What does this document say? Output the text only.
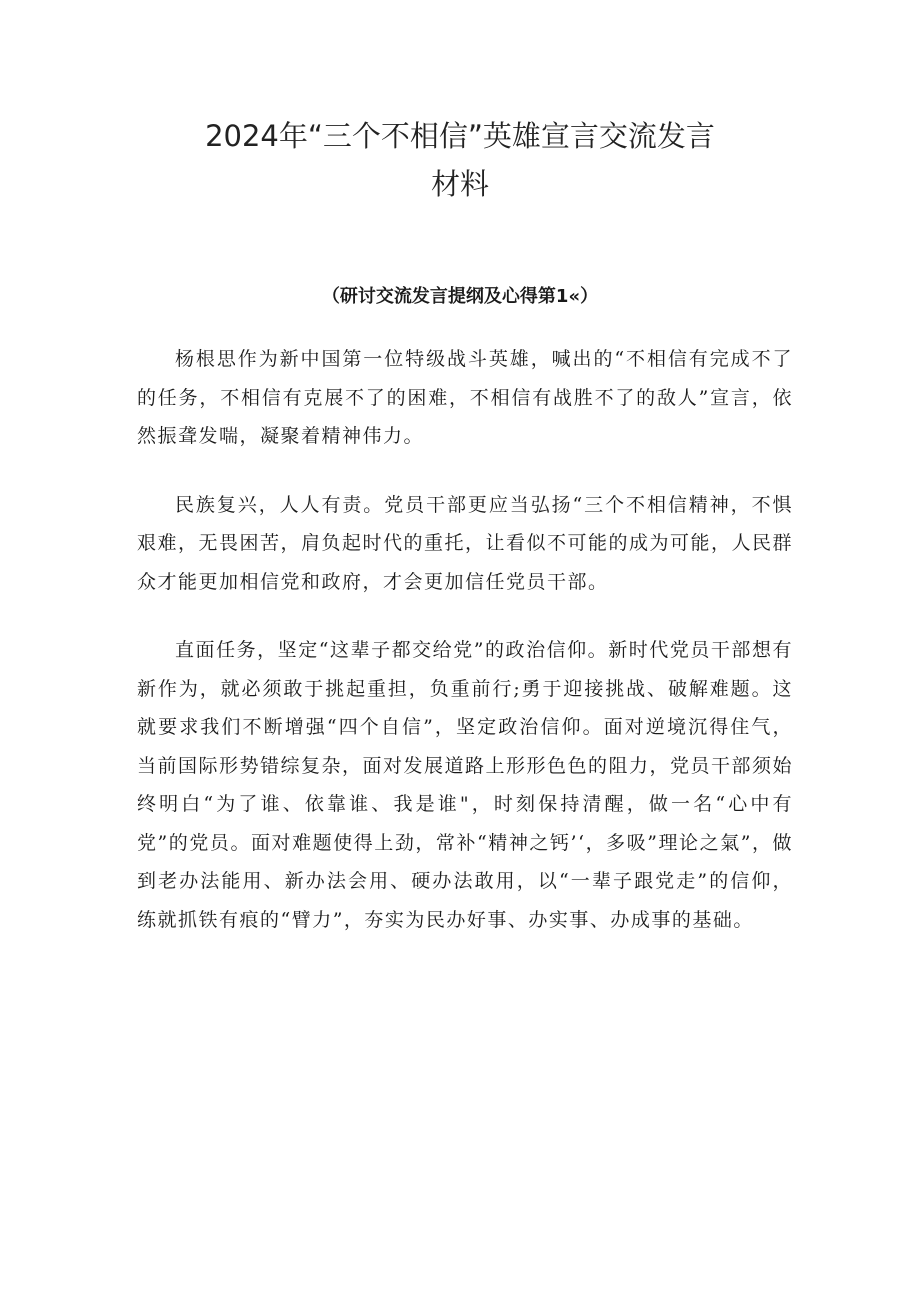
2024年“三个不相信”英雄宣言交流发言
材料

（研讨交流发言提纲及心得第1«）

杨根思作为新中国第一位特级战斗英雄，喊出的“不相信有完成不了的任务，不相信有克展不了的困难，不相信有战胜不了的敌人”宣言，依然振聋发喘，凝聚着精神伟力。

民族复兴，人人有责。党员干部更应当弘扬“三个不相信精神，不惧艰难，无畏困苦，肩负起时代的重托，让看似不可能的成为可能，人民群众才能更加相信党和政府，才会更加信任党员干部。

直面任务，坚定“这辈子都交给党”的政治信仰。新时代党员干部想有新作为，就必须敢于挑起重担，负重前行;勇于迎接挑战、破解难题。这就要求我们不断增强“四个自信”，坚定政治信仰。面对逆境沉得住气，当前国际形势错综复杂，面对发展道路上形形色色的阻力，党员干部须始终明白“为了谁、依靠谁、我是谁"，时刻保持清醒，做一名“心中有党”的党员。面对难题使得上劲，常补“精神之钙’‘，多吸”理论之氣”，做到老办法能用、新办法会用、硬办法敢用，以“一辈子跟党走”的信仰，练就抓铁有痕的“臂力”，夯实为民办好事、办实事、办成事的基础。
